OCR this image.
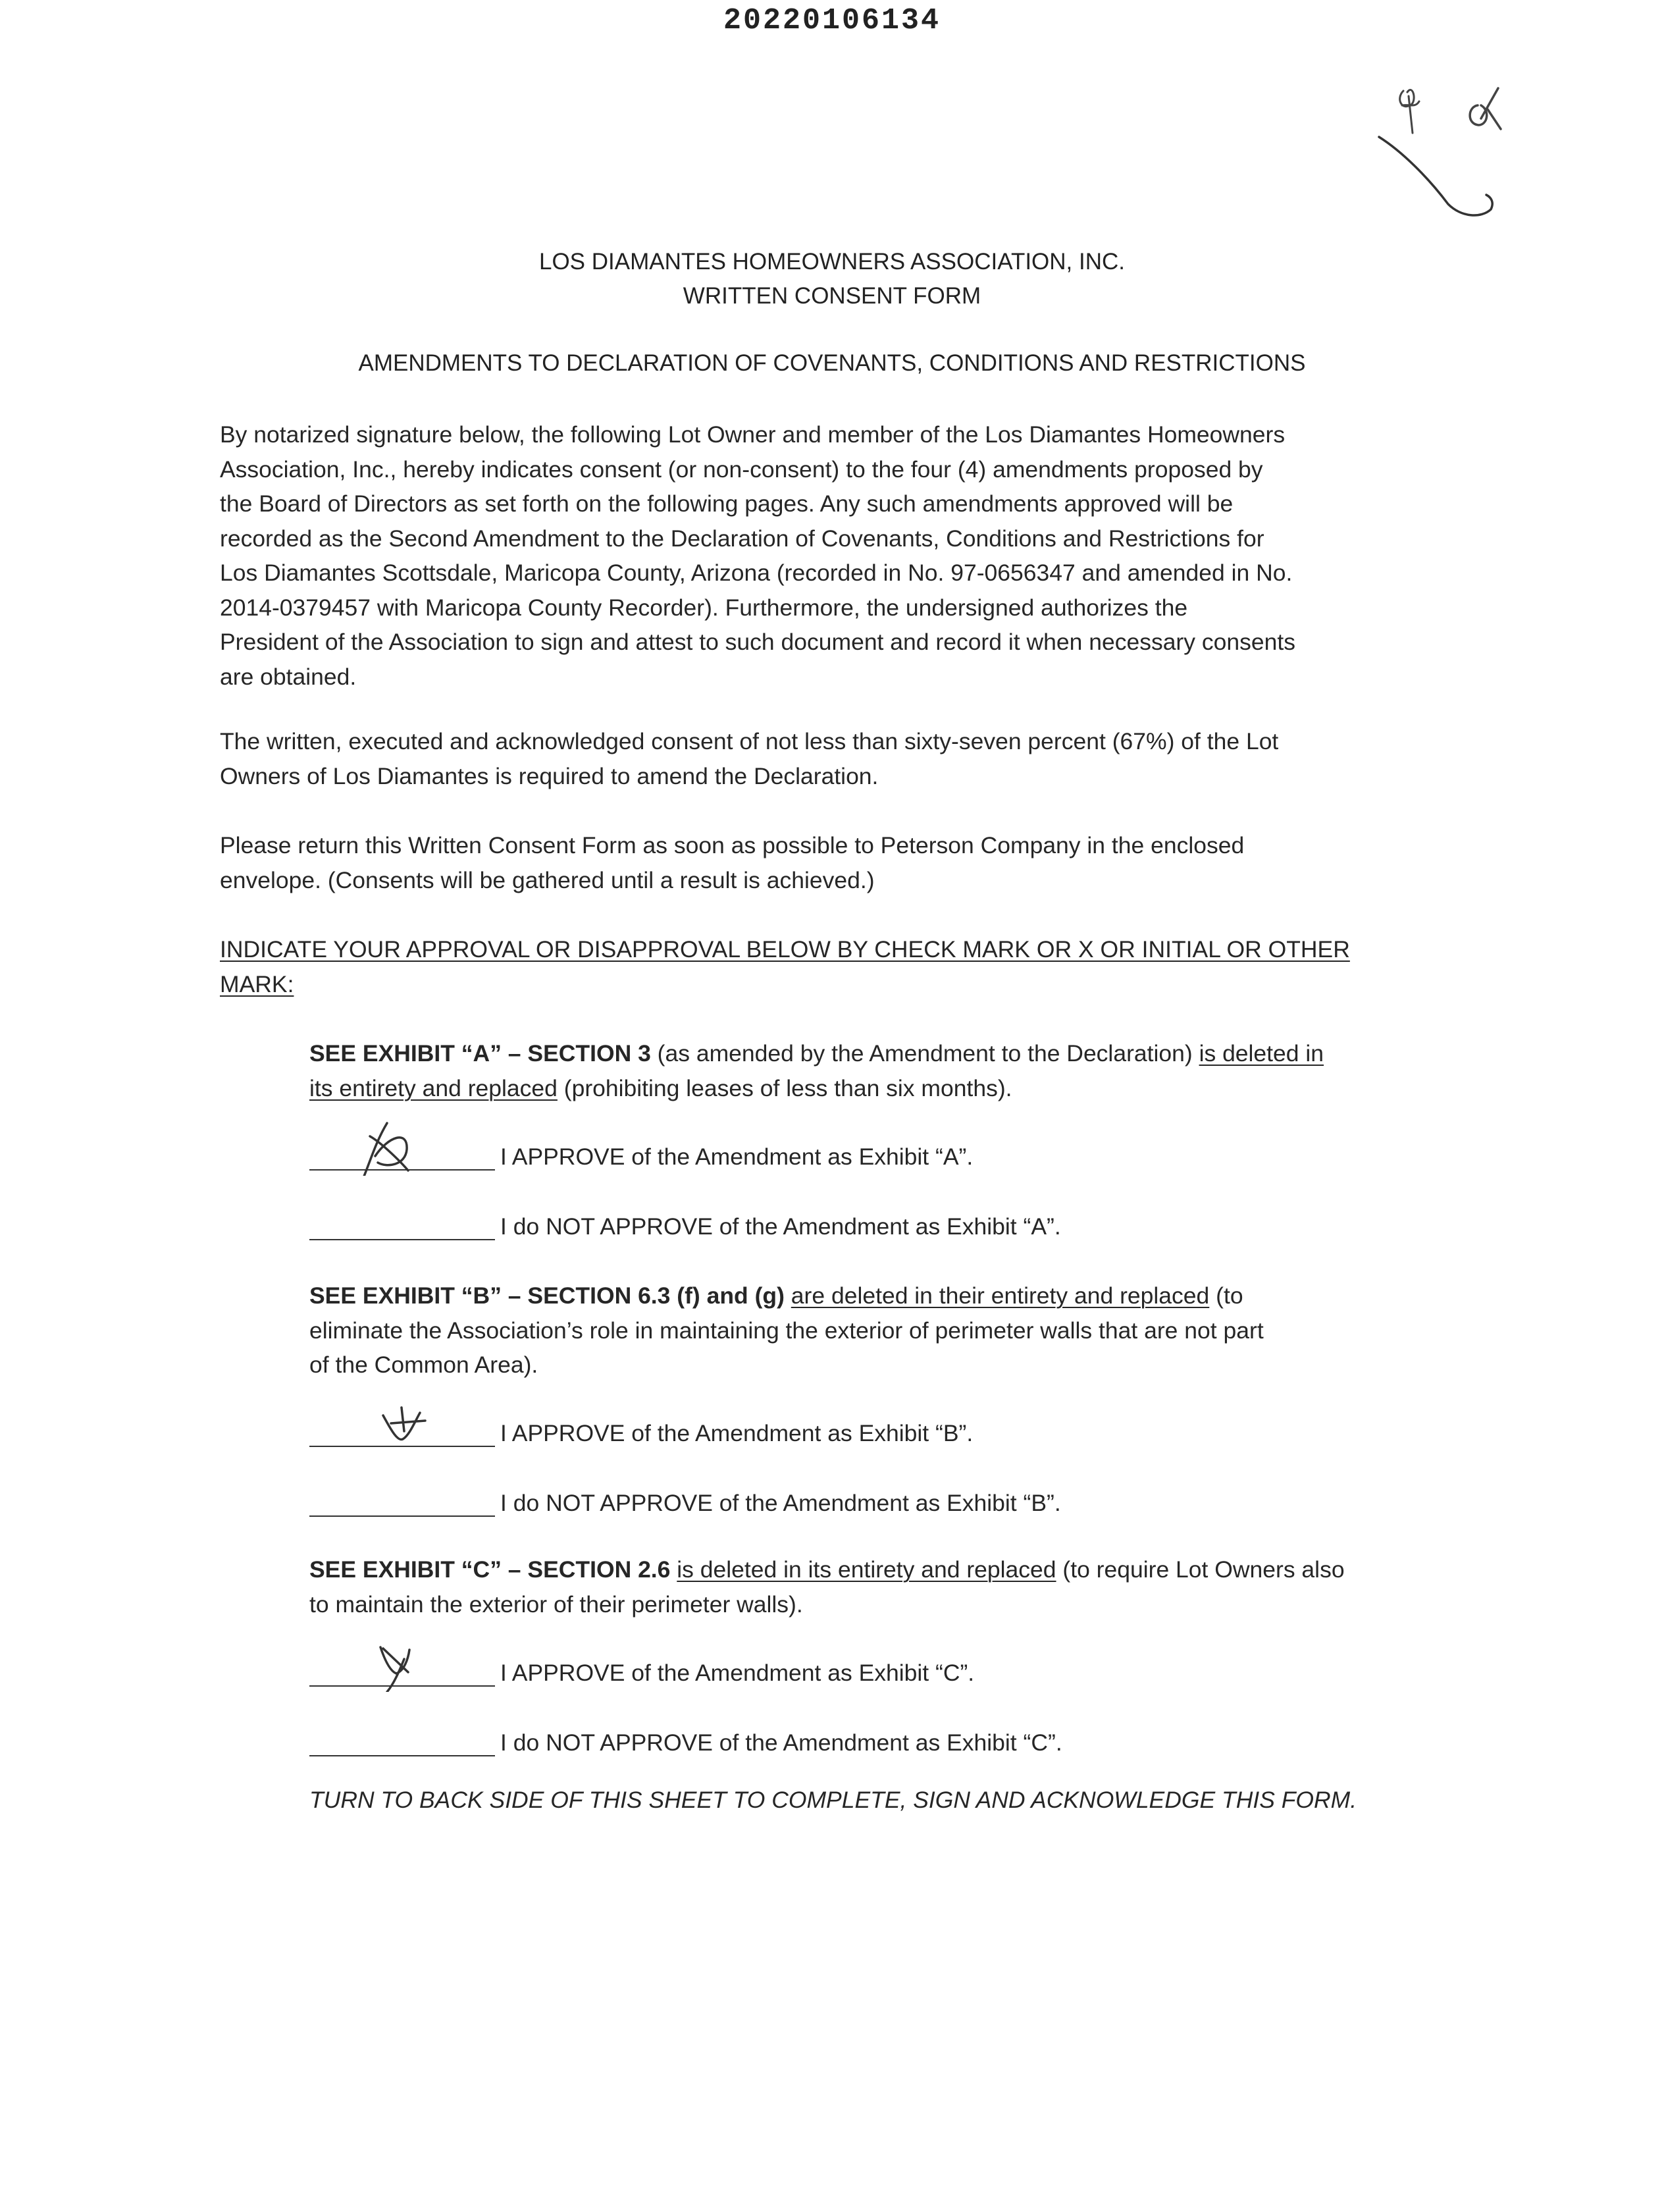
20220106134
LOS DIAMANTES HOMEOWNERS ASSOCIATION, INC.
WRITTEN CONSENT FORM
AMENDMENTS TO DECLARATION OF COVENANTS, CONDITIONS AND RESTRICTIONS

By notarized signature below, the following Lot Owner and member of the Los Diamantes Homeowners
Association, Inc., hereby indicates consent (or non-consent) to the four (4) amendments proposed by
the Board of Directors as set forth on the following pages. Any such amendments approved will be
recorded as the Second Amendment to the Declaration of Covenants, Conditions and Restrictions for
Los Diamantes Scottsdale, Maricopa County, Arizona (recorded in No. 97-0656347 and amended in No.
2014-0379457 with Maricopa County Recorder). Furthermore, the undersigned authorizes the
President of the Association to sign and attest to such document and record it when necessary consents
are obtained.

The written, executed and acknowledged consent of not less than sixty-seven percent (67%) of the Lot
Owners of Los Diamantes is required to amend the Declaration.

Please return this Written Consent Form as soon as possible to Peterson Company in the enclosed
envelope. (Consents will be gathered until a result is achieved.)

INDICATE YOUR APPROVAL OR DISAPPROVAL BELOW BY CHECK MARK OR X OR INITIAL OR OTHER
MARK:

SEE EXHIBIT “A” – SECTION 3 (as amended by the Amendment to the Declaration) is deleted in
its entirety and replaced (prohibiting leases of less than six months).

I APPROVE of the Amendment as Exhibit “A”.
I do NOT APPROVE of the Amendment as Exhibit “A”.

SEE EXHIBIT “B” – SECTION 6.3 (f) and (g) are deleted in their entirety and replaced (to
eliminate the Association’s role in maintaining the exterior of perimeter walls that are not part
of the Common Area).

I APPROVE of the Amendment as Exhibit “B”.
I do NOT APPROVE of the Amendment as Exhibit “B”.

SEE EXHIBIT “C” – SECTION 2.6 is deleted in its entirety and replaced (to require Lot Owners also
to maintain the exterior of their perimeter walls).

I APPROVE of the Amendment as Exhibit “C”.
I do NOT APPROVE of the Amendment as Exhibit “C”.
TURN TO BACK SIDE OF THIS SHEET TO COMPLETE, SIGN AND ACKNOWLEDGE THIS FORM.
